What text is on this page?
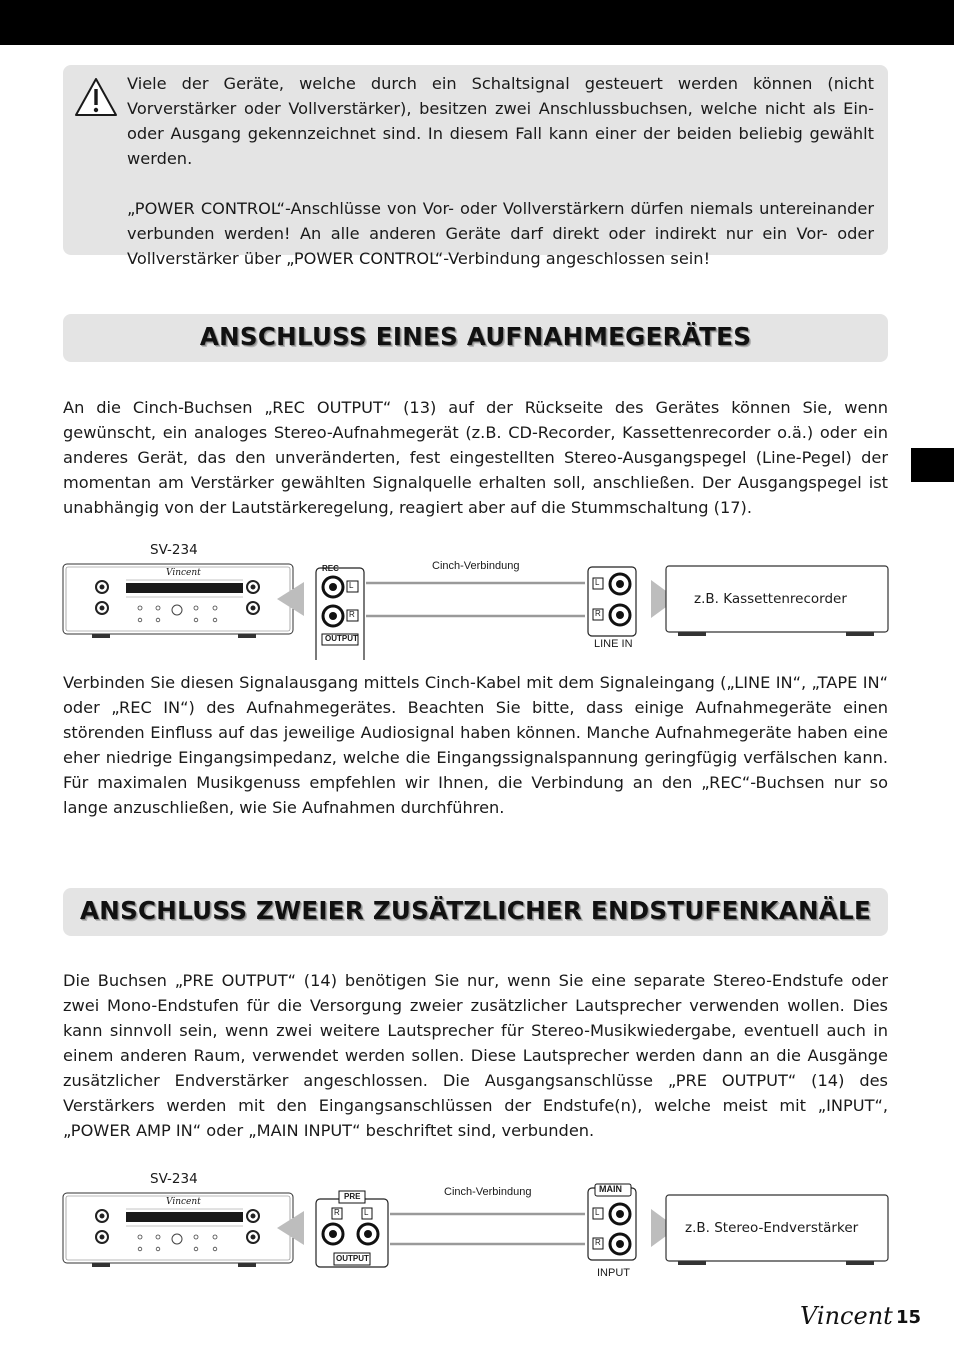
Viele der Geräte, welche durch ein Schaltsignal gesteuert werden können (nicht Vorverstärker oder Vollverstärker), besitzen zwei Anschlussbuchsen, welche nicht als Ein- oder Ausgang gekennzeichnet sind. In diesem Fall kann einer der beiden beliebig gewählt werden.

„POWER CONTROL“-Anschlüsse von Vor- oder Vollverstärkern dürfen niemals untereinander verbunden werden! An alle anderen Geräte darf direkt oder indirekt nur ein Vor- oder Vollverstärker über „POWER CONTROL“-Verbindung angeschlossen sein!

ANSCHLUSS EINES AUFNAHMEGERÄTES

An die Cinch-Buchsen „REC OUTPUT“ (13) auf der Rückseite des Gerätes können Sie, wenn gewünscht, ein analoges Stereo-Aufnahmegerät (z.B. CD-Recorder, Kassettenrecorder o.ä.) oder ein anderes Gerät, das den unveränderten, fest eingestellten Stereo-Ausgangspegel (Line-Pegel) der momentan am Verstärker gewählten Signalquelle erhalten soll, anschließen. Der Ausgangspegel ist unabhängig von der Lautstärkeregelung, reagiert aber auf die Stummschaltung (17).

SV-234
Vincent	REC
OUTPUT
L
R
Cinch-Verbindung
L
R
LINE IN
z.B. Kassettenrecorder

Verbinden Sie diesen Signalausgang mittels Cinch-Kabel mit dem Signaleingang („LINE IN“, „TAPE IN“ oder „REC IN“) des Aufnahmegerätes. Beachten Sie bitte, dass einige Aufnahmegeräte einen störenden Einfluss auf das jeweilige Audiosignal haben können. Manche Aufnahmegeräte haben eine eher niedrige Eingangsimpedanz, welche die Eingangssignalspannung geringfügig verfälschen kann. Für maximalen Musikgenuss empfehlen wir Ihnen, die Verbindung an den „REC“-Buchsen nur so lange anzuschließen, wie Sie Aufnahmen durchführen.

ANSCHLUSS ZWEIER ZUSÄTZLICHER ENDSTUFENKANÄLE

Die Buchsen „PRE OUTPUT“ (14) benötigen Sie nur, wenn Sie eine separate Stereo-Endstufe oder zwei Mono-Endstufen für die Versorgung zweier zusätzlicher Lautsprecher verwenden wollen. Dies kann sinnvoll sein, wenn zwei weitere Lautsprecher für Stereo-Musikwiedergabe, eventuell auch in einem anderen Raum, verwendet werden sollen. Diese Lautsprecher werden dann an die Ausgänge zusätzlicher Endverstärker angeschlossen. Die Ausgangsanschlüsse „PRE OUTPUT“ (14) des Verstärkers werden mit den Eingangsanschlüssen der Endstufe(n), welche meist mit „INPUT“, „POWER AMP IN“ oder „MAIN INPUT“ beschriftet sind, verbunden.

SV-234
Vincent
PRE
OUTPUT
R	L
Cinch-Verbindung	MAIN
L
R
INPUT
z.B. Stereo-Endverstärker
Vincent 15
